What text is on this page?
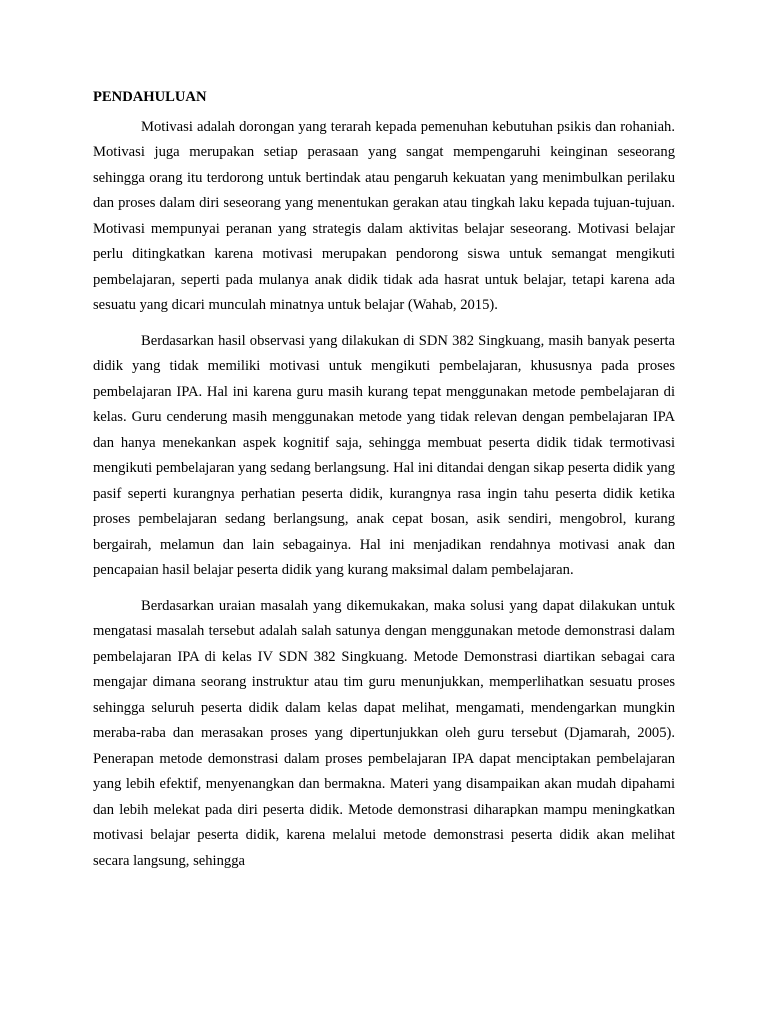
PENDAHULUAN

Motivasi adalah dorongan yang terarah kepada pemenuhan kebutuhan psikis dan rohaniah. Motivasi juga merupakan setiap perasaan yang sangat mempengaruhi keinginan seseorang sehingga orang itu terdorong untuk bertindak atau pengaruh kekuatan yang menimbulkan perilaku dan proses dalam diri seseorang yang menentukan gerakan atau tingkah laku kepada tujuan-tujuan. Motivasi mempunyai peranan yang strategis dalam aktivitas belajar seseorang. Motivasi belajar perlu ditingkatkan karena motivasi merupakan pendorong siswa untuk semangat mengikuti pembelajaran, seperti pada mulanya anak didik tidak ada hasrat untuk belajar, tetapi karena ada sesuatu yang dicari munculah minatnya untuk belajar (Wahab, 2015).

Berdasarkan hasil observasi yang dilakukan di SDN 382 Singkuang, masih banyak peserta didik yang tidak memiliki motivasi untuk mengikuti pembelajaran, khususnya pada proses pembelajaran IPA. Hal ini karena guru masih kurang tepat menggunakan metode pembelajaran di kelas. Guru cenderung masih menggunakan metode yang tidak relevan dengan pembelajaran IPA dan hanya menekankan aspek kognitif saja, sehingga membuat peserta didik tidak termotivasi mengikuti pembelajaran yang sedang berlangsung. Hal ini ditandai dengan sikap peserta didik yang pasif seperti kurangnya perhatian peserta didik, kurangnya rasa ingin tahu peserta didik ketika proses pembelajaran sedang berlangsung, anak cepat bosan, asik sendiri, mengobrol, kurang bergairah, melamun dan lain sebagainya. Hal ini menjadikan rendahnya motivasi anak dan pencapaian hasil belajar peserta didik yang kurang maksimal dalam pembelajaran.

Berdasarkan uraian masalah yang dikemukakan, maka solusi yang dapat dilakukan untuk mengatasi masalah tersebut adalah salah satunya dengan menggunakan metode demonstrasi dalam pembelajaran IPA di kelas IV SDN 382 Singkuang. Metode Demonstrasi diartikan sebagai cara mengajar dimana seorang instruktur atau tim guru menunjukkan, memperlihatkan sesuatu proses sehingga seluruh peserta didik dalam kelas dapat melihat, mengamati, mendengarkan mungkin meraba-raba dan merasakan proses yang dipertunjukkan oleh guru tersebut (Djamarah, 2005). Penerapan metode demonstrasi dalam proses pembelajaran IPA dapat menciptakan pembelajaran yang lebih efektif, menyenangkan dan bermakna. Materi yang disampaikan akan mudah dipahami dan lebih melekat pada diri peserta didik. Metode demonstrasi diharapkan mampu meningkatkan motivasi belajar peserta didik, karena melalui metode demonstrasi peserta didik akan melihat secara langsung, sehingga
